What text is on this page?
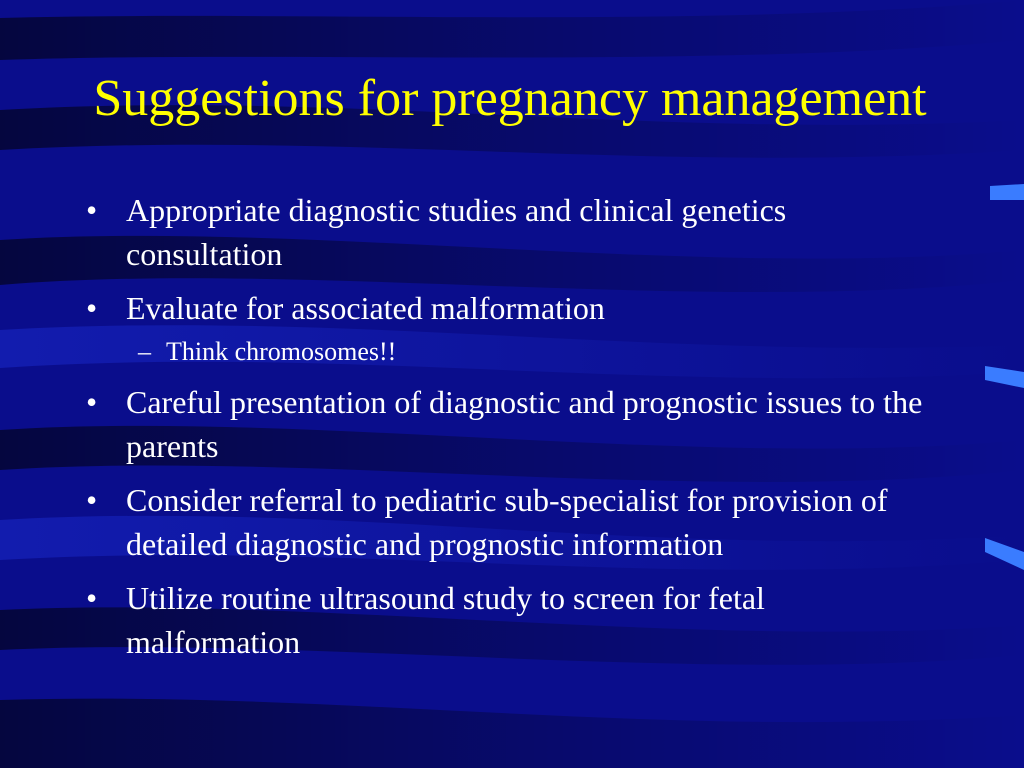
Suggestions for pregnancy management
• Appropriate diagnostic studies and clinical genetics consultation
• Evaluate for associated malformation
– Think chromosomes!!
• Careful presentation of diagnostic and prognostic issues to the parents
• Consider referral to pediatric sub-specialist for provision of detailed diagnostic and prognostic information
• Utilize routine ultrasound study to screen for fetal malformation
